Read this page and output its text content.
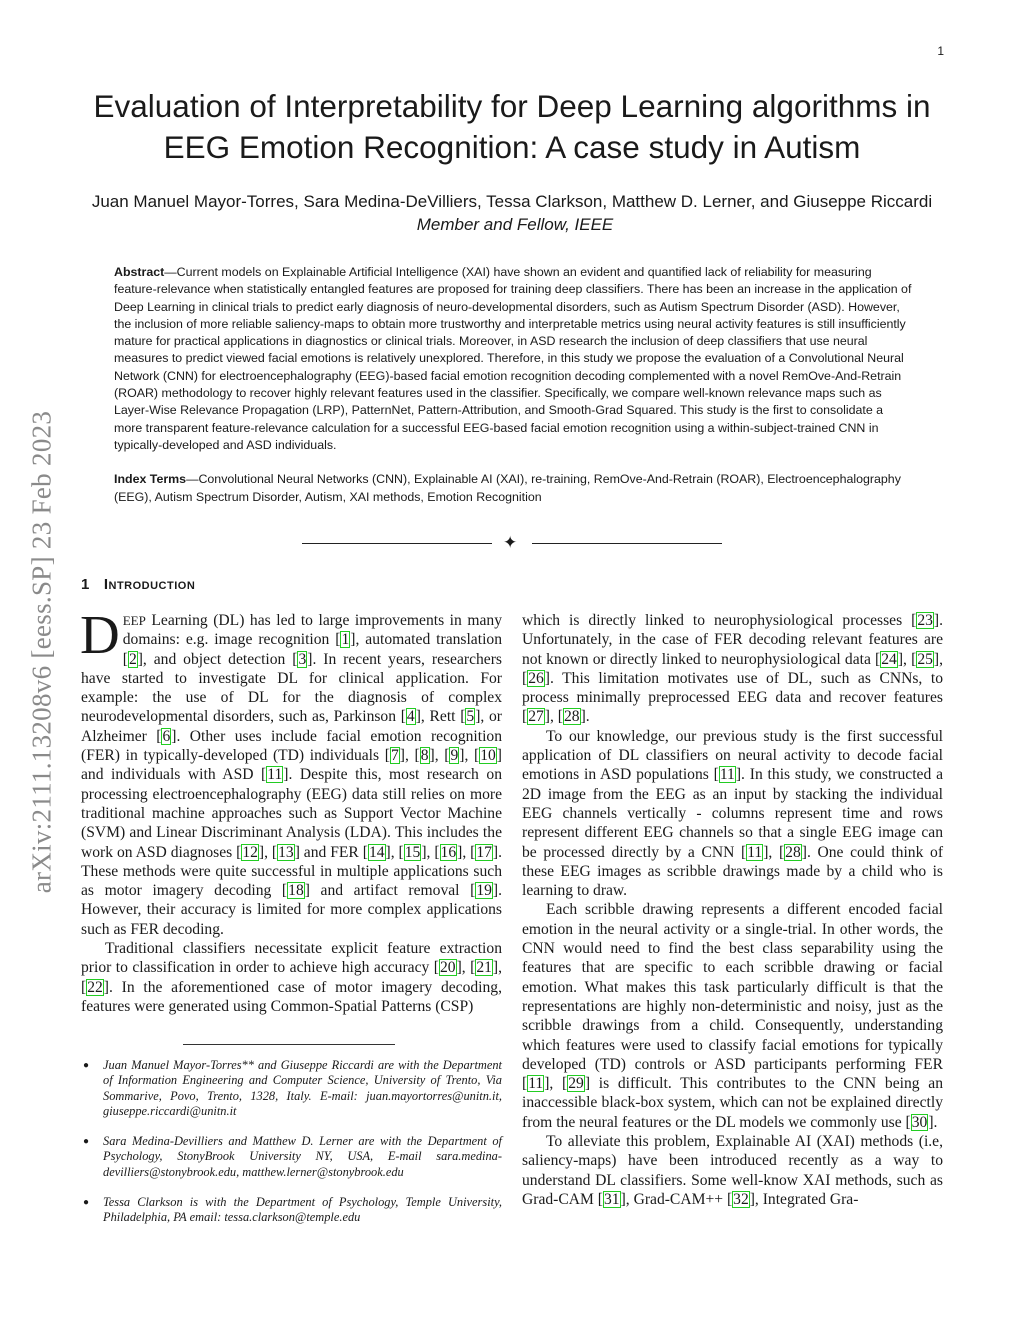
1
arXiv:2111.13208v6 [eess.SP] 23 Feb 2023
Evaluation of Interpretability for Deep Learning algorithms in EEG Emotion Recognition: A case study in Autism
Juan Manuel Mayor-Torres, Sara Medina-DeVilliers, Tessa Clarkson, Matthew D. Lerner, and Giuseppe Riccardi Member and Fellow, IEEE

Abstract—Current models on Explainable Artificial Intelligence (XAI) have shown an evident and quantified lack of reliability for measuring feature-relevance when statistically entangled features are proposed for training deep classifiers. There has been an increase in the application of Deep Learning in clinical trials to predict early diagnosis of neuro-developmental disorders, such as Autism Spectrum Disorder (ASD). However, the inclusion of more reliable saliency-maps to obtain more trustworthy and interpretable metrics using neural activity features is still insufficiently mature for practical applications in diagnostics or clinical trials. Moreover, in ASD research the inclusion of deep classifiers that use neural measures to predict viewed facial emotions is relatively unexplored. Therefore, in this study we propose the evaluation of a Convolutional Neural Network (CNN) for electroencephalography (EEG)-based facial emotion recognition decoding complemented with a novel RemOve-And-Retrain (ROAR) methodology to recover highly relevant features used in the classifier. Specifically, we compare well-known relevance maps such as Layer-Wise Relevance Propagation (LRP), PatternNet, Pattern-Attribution, and Smooth-Grad Squared. This study is the first to consolidate a more transparent feature-relevance calculation for a successful EEG-based facial emotion recognition using a within-subject-trained CNN in typically-developed and ASD individuals.

Index Terms—Convolutional Neural Networks (CNN), Explainable AI (XAI), re-training, RemOve-And-Retrain (ROAR), Electroencephalography (EEG), Autism Spectrum Disorder, Autism, XAI methods, Emotion Recognition

✦
1 Introduction

DEEP Learning (DL) has led to large improvements in many domains: e.g. image recognition [1], automated translation [2], and object detection [3]. In recent years, researchers have started to investigate DL for clinical application. For example: the use of DL for the diagnosis of complex neurodevelopmental disorders, such as, Parkinson [4], Rett [5], or Alzheimer [6]. Other uses include facial emotion recognition (FER) in typically-developed (TD) individuals [7], [8], [9], [10] and individuals with ASD [11]. Despite this, most research on processing electroencephalography (EEG) data still relies on more traditional machine approaches such as Support Vector Machine (SVM) and Linear Discriminant Analysis (LDA). This includes the work on ASD diagnoses [12], [13] and FER [14], [15], [16], [17]. These methods were quite successful in multiple applications such as motor imagery decoding [18] and artifact removal [19]. However, their accuracy is limited for more complex applications such as FER decoding.

Traditional classifiers necessitate explicit feature extraction prior to classification in order to achieve high accuracy [20], [21], [22]. In the aforementioned case of motor imagery decoding, features were generated using Common-Spatial Patterns (CSP)

which is directly linked to neurophysiological processes [23]. Unfortunately, in the case of FER decoding relevant features are not known or directly linked to neurophysiological data [24], [25], [26]. This limitation motivates use of DL, such as CNNs, to process minimally preprocessed EEG data and recover features [27], [28].

To our knowledge, our previous study is the first successful application of DL classifiers on neural activity to decode facial emotions in ASD populations [11]. In this study, we constructed a 2D image from the EEG as an input by stacking the individual EEG channels vertically - columns represent time and rows represent different EEG channels so that a single EEG image can be processed directly by a CNN [11], [28]. One could think of these EEG images as scribble drawings made by a child who is learning to draw.

Each scribble drawing represents a different encoded facial emotion in the neural activity or a single-trial. In other words, the CNN would need to find the best class separability using the features that are specific to each scribble drawing or facial emotion. What makes this task particularly difficult is that the representations are highly non-deterministic and noisy, just as the scribble drawings from a child. Consequently, understanding which features were used to classify facial emotions for typically developed (TD) controls or ASD participants performing FER [11], [29] is difficult. This contributes to the CNN being an inaccessible black-box system, which can not be explained directly from the neural features or the DL models we commonly use [30].

To alleviate this problem, Explainable AI (XAI) methods (i.e, saliency-maps) have been introduced recently as a way to understand DL classifiers. Some well-know XAI methods, such as Grad-CAM [31], Grad-CAM++ [32], Integrated Gra-

● Juan Manuel Mayor-Torres** and Giuseppe Riccardi are with the Department of Information Engineering and Computer Science, University of Trento, Via Sommarive, Povo, Trento, 1328, Italy. E-mail: juan.mayortorres@unitn.it, giuseppe.riccardi@unitn.it
● Sara Medina-Devilliers and Matthew D. Lerner are with the Department of Psychology, StonyBrook University NY, USA, E-mail sara.medina-devilliers@stonybrook.edu, matthew.lerner@stonybrook.edu
● Tessa Clarkson is with the Department of Psychology, Temple University, Philadelphia, PA email: tessa.clarkson@temple.edu
